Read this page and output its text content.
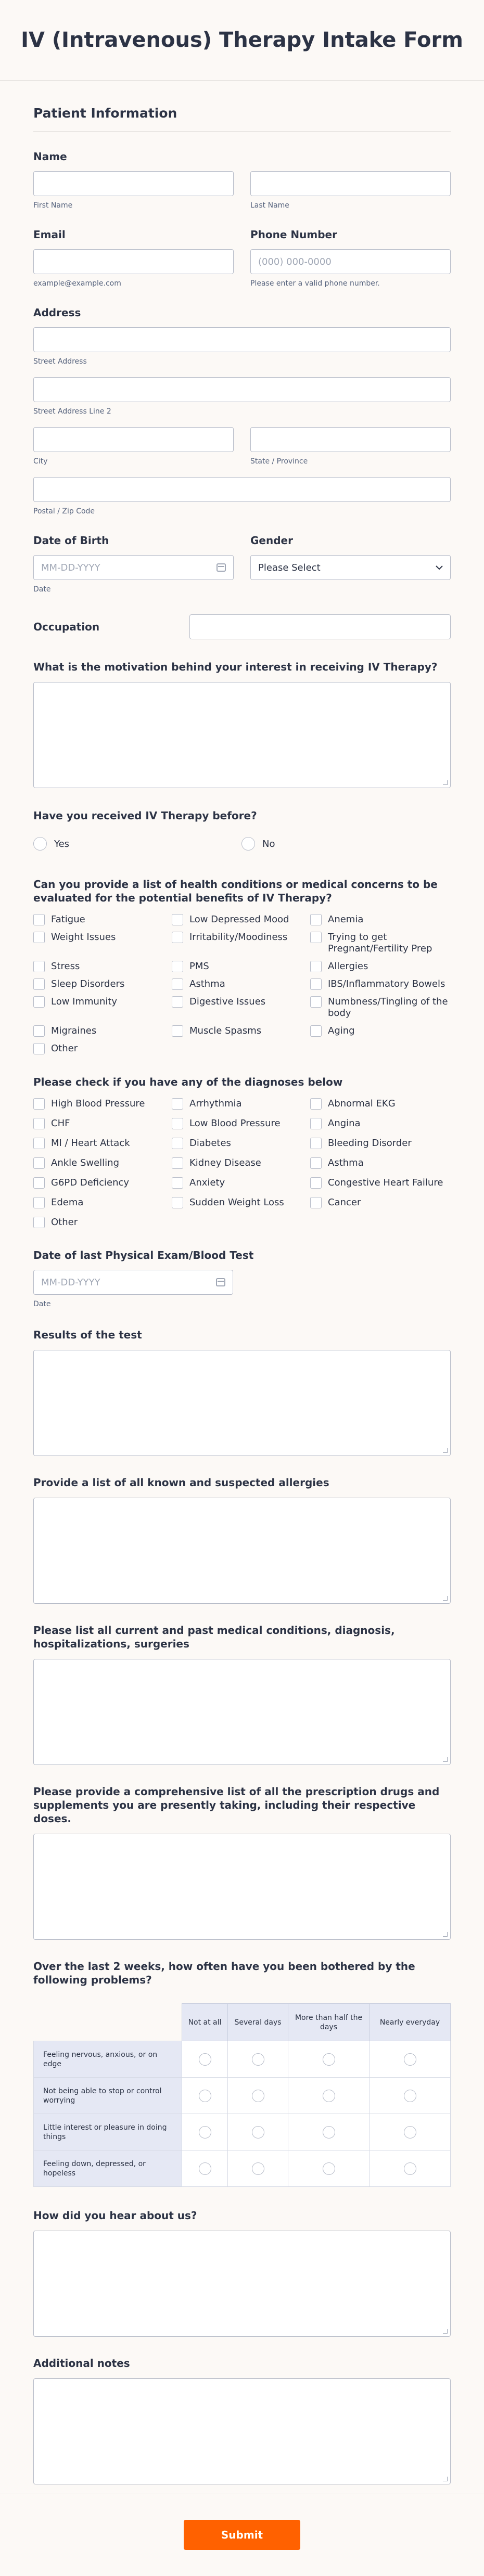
IV (Intravenous) Therapy Intake Form
Patient Information
Name
First Name	Last Name
Email
example@example.com
Phone Number
(000) 000-0000
Please enter a valid phone number.
Address
Street Address
Street Address Line 2
City	State / Province
Postal / Zip Code
Date of Birth
MM-DD-YYYY
Date
Gender
Please Select
Occupation
What is the motivation behind your interest in receiving IV Therapy?
Have you received IV Therapy before?
Yes	No
Can you provide a list of health conditions or medical concerns to be evaluated for the potential benefits of IV Therapy?
Fatigue	Low Depressed Mood	Anemia
Weight Issues	Irritability/Moodiness	Trying to get Pregnant/Fertility Prep
Stress	PMS	Allergies
Sleep Disorders	Asthma	IBS/Inflammatory Bowels
Low Immunity	Digestive Issues	Numbness/Tingling of the body
Migraines	Muscle Spasms	Aging
Other
Please check if you have any of the diagnoses below
High Blood Pressure	Arrhythmia	Abnormal EKG
CHF	Low Blood Pressure	Angina
MI / Heart Attack	Diabetes	Bleeding Disorder
Ankle Swelling	Kidney Disease	Asthma
G6PD Deficiency	Anxiety	Congestive Heart Failure
Edema	Sudden Weight Loss	Cancer
Other
Date of last Physical Exam/Blood Test
MM-DD-YYYY
Date
Results of the test
Provide a list of all known and suspected allergies
Please list all current and past medical conditions, diagnosis, hospitalizations, surgeries
Please provide a comprehensive list of all the prescription drugs and supplements you are presently taking, including their respective doses.
Over the last 2 weeks, how often have you been bothered by the following problems?
	Not at all	Several days	More than half the days	Nearly everyday
Feeling nervous, anxious, or on edge				
Not being able to stop or control worrying				
Little interest or pleasure in doing things				
Feeling down, depressed, or hopeless				
How did you hear about us?
Additional notes
Submit
